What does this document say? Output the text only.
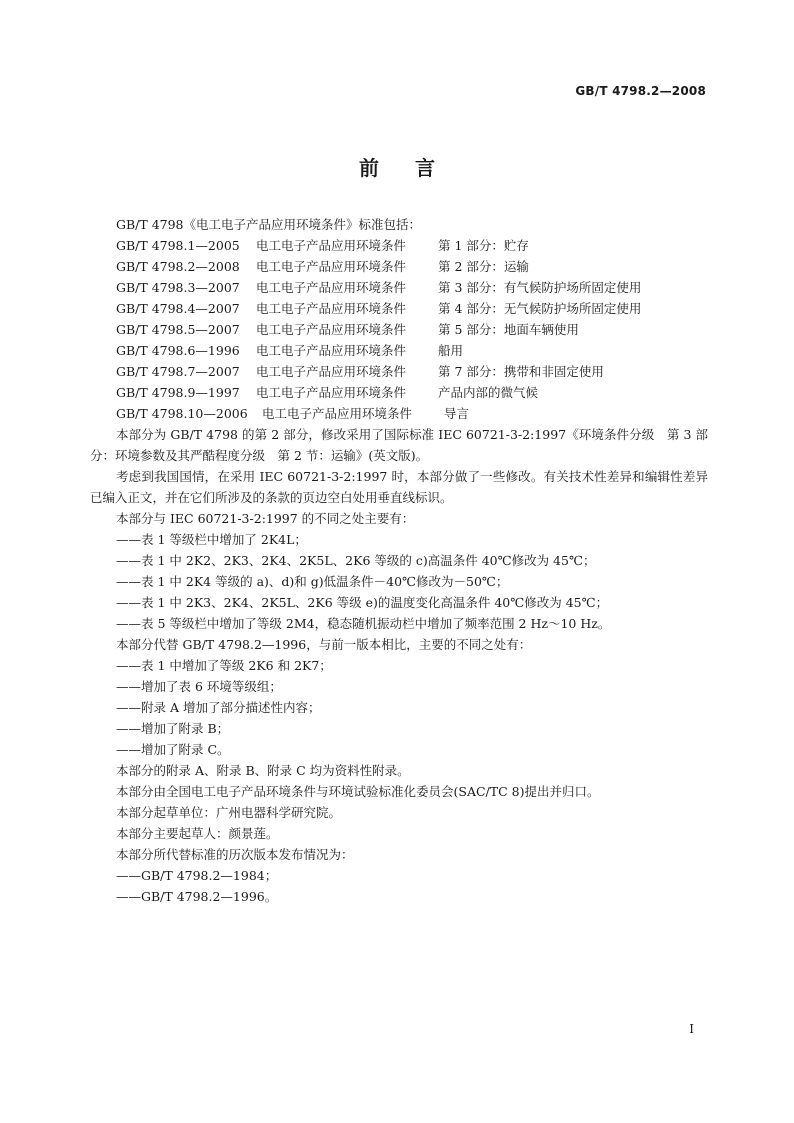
GB/T 4798.2—2008
前言

GB/T 4798《电工电子产品应用环境条件》标准包括：

GB/T 4798.1—2005 电工电子产品应用环境条件	第 1 部分：贮存

GB/T 4798.2—2008 电工电子产品应用环境条件	第 2 部分：运输

GB/T 4798.3—2007 电工电子产品应用环境条件	第 3 部分：有气候防护场所固定使用

GB/T 4798.4—2007 电工电子产品应用环境条件	第 4 部分：无气候防护场所固定使用

GB/T 4798.5—2007 电工电子产品应用环境条件	第 5 部分：地面车辆使用

GB/T 4798.6—1996 电工电子产品应用环境条件	船用

GB/T 4798.7—2007 电工电子产品应用环境条件	第 7 部分：携带和非固定使用

GB/T 4798.9—1997 电工电子产品应用环境条件	产品内部的微气候

GB/T 4798.10—2006 电工电子产品应用环境条件	导言

本部分为 GB/T 4798 的第 2 部分，修改采用了国际标准 IEC 60721-3-2:1997《环境条件分级　第 3 部分：环境参数及其严酷程度分级　第 2 节：运输》(英文版)。

考虑到我国国情，在采用 IEC 60721-3-2:1997 时，本部分做了一些修改。有关技术性差异和编辑性差异已编入正文，并在它们所涉及的条款的页边空白处用垂直线标识。

本部分与 IEC 60721-3-2:1997 的不同之处主要有：

——表 1 等级栏中增加了 2K4L；

——表 1 中 2K2、2K3、2K4、2K5L、2K6 等级的 c)高温条件 40℃修改为 45℃；

——表 1 中 2K4 等级的 a)、d)和 g)低温条件－40℃修改为－50℃；

——表 1 中 2K3、2K4、2K5L、2K6 等级 e)的温度变化高温条件 40℃修改为 45℃；

——表 5 等级栏中增加了等级 2M4，稳态随机振动栏中增加了频率范围 2 Hz～10 Hz。

本部分代替 GB/T 4798.2—1996，与前一版本相比，主要的不同之处有：

——表 1 中增加了等级 2K6 和 2K7；

——增加了表 6 环境等级组；

——附录 A 增加了部分描述性内容；

——增加了附录 B；

——增加了附录 C。

本部分的附录 A、附录 B、附录 C 均为资料性附录。

本部分由全国电工电子产品环境条件与环境试验标准化委员会(SAC/TC 8)提出并归口。

本部分起草单位：广州电器科学研究院。

本部分主要起草人：颜景莲。

本部分所代替标准的历次版本发布情况为：

——GB/T 4798.2—1984；

——GB/T 4798.2—1996。

I
